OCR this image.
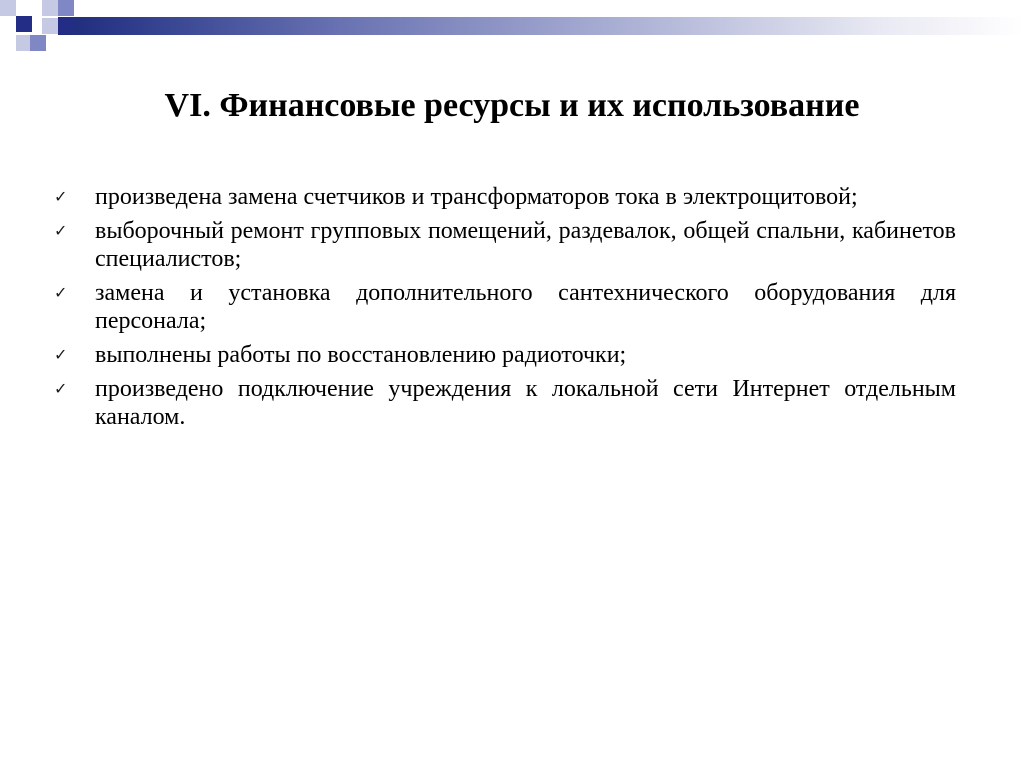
VI. Финансовые ресурсы и их использование
✓ произведена замена счетчиков и трансформаторов тока в электрощитовой;
✓ выборочный ремонт групповых помещений, раздевалок, общей спальни, кабинетов специалистов;
✓ замена и установка дополнительного сантехнического оборудования для персонала;
✓ выполнены работы по восстановлению радиоточки;
✓ произведено подключение учреждения к локальной сети Интернет отдельным каналом.
